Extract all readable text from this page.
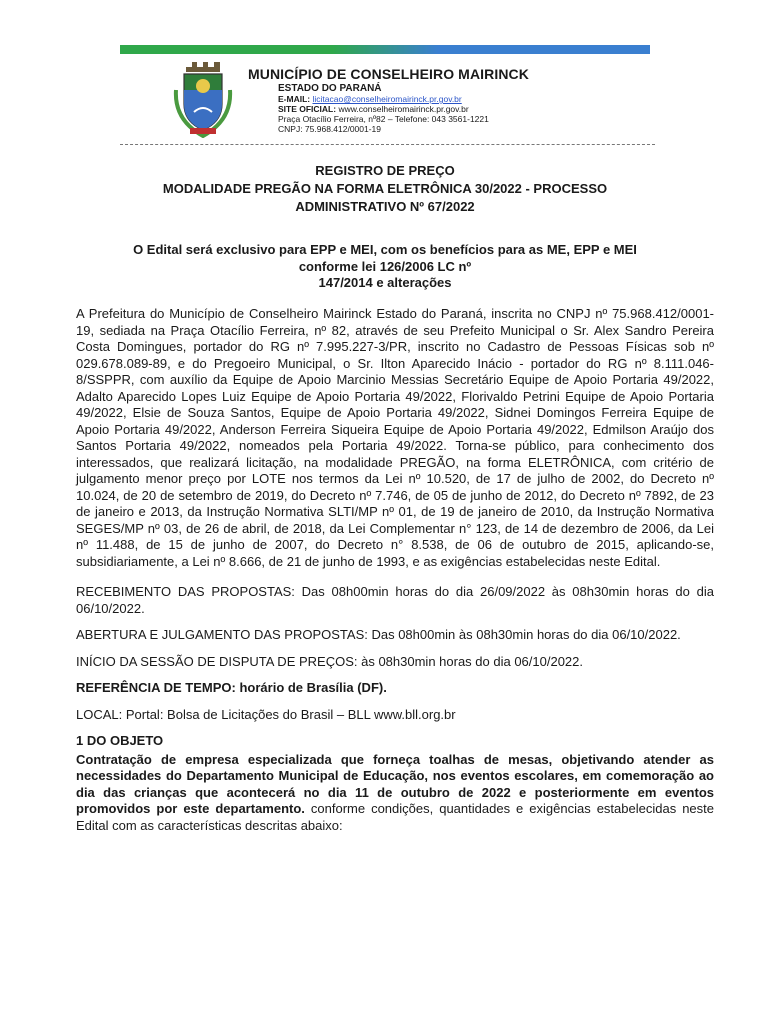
MUNICÍPIO DE CONSELHEIRO MAIRINCK
ESTADO DO PARANÁ
E-MAIL: licitacao@conselheiromairinck.pr.gov.br
SITE OFICIAL: www.conselheiromairinck.pr.gov.br
Praça Otacílio Ferreira, nº82 – Telefone: 043 3561-1221
CNPJ: 75.968.412/0001-19
REGISTRO DE PREÇO
MODALIDADE PREGÃO NA FORMA ELETRÔNICA 30/2022 - PROCESSO
ADMINISTRATIVO Nº 67/2022
O Edital será exclusivo para EPP e MEI, com os benefícios para as ME, EPP e MEI
conforme lei 126/2006 LC nº
147/2014 e alterações

A Prefeitura do Município de Conselheiro Mairinck Estado do Paraná, inscrita no CNPJ nº 75.968.412/0001-19, sediada na Praça Otacílio Ferreira, nº 82, através de seu Prefeito Municipal o Sr. Alex Sandro Pereira Costa Domingues, portador do RG nº 7.995.227-3/PR, inscrito no Cadastro de Pessoas Físicas sob nº 029.678.089-89, e do Pregoeiro Municipal, o Sr. Ilton Aparecido Inácio - portador do RG nº 8.111.046-8/SSPPR, com auxílio da Equipe de Apoio Marcinio Messias Secretário Equipe de Apoio Portaria 49/2022, Adalto Aparecido Lopes Luiz Equipe de Apoio Portaria 49/2022, Florivaldo Petrini Equipe de Apoio Portaria 49/2022, Elsie de Souza Santos, Equipe de Apoio Portaria 49/2022, Sidnei Domingos Ferreira Equipe de Apoio Portaria 49/2022, Anderson Ferreira Siqueira Equipe de Apoio Portaria 49/2022, Edmilson Araújo dos Santos Portaria 49/2022, nomeados pela Portaria 49/2022. Torna-se público, para conhecimento dos interessados, que realizará licitação, na modalidade PREGÃO, na forma ELETRÔNICA, com critério de julgamento menor preço por LOTE nos termos da Lei nº 10.520, de 17 de julho de 2002, do Decreto nº 10.024, de 20 de setembro de 2019, do Decreto nº 7.746, de 05 de junho de 2012, do Decreto nº 7892, de 23 de janeiro e 2013, da Instrução Normativa SLTI/MP nº 01, de 19 de janeiro de 2010, da Instrução Normativa SEGES/MP nº 03, de 26 de abril, de 2018, da Lei Complementar n° 123, de 14 de dezembro de 2006, da Lei nº 11.488, de 15 de junho de 2007, do Decreto n° 8.538, de 06 de outubro de 2015, aplicando-se, subsidiariamente, a Lei nº 8.666, de 21 de junho de 1993, e as exigências estabelecidas neste Edital.

RECEBIMENTO DAS PROPOSTAS: Das 08h00min horas do dia 26/09/2022 às 08h30min horas do dia 06/10/2022.

ABERTURA E JULGAMENTO DAS PROPOSTAS: Das 08h00min às 08h30min horas do dia 06/10/2022.

INÍCIO DA SESSÃO DE DISPUTA DE PREÇOS: às 08h30min horas do dia 06/10/2022.

REFERÊNCIA DE TEMPO: horário de Brasília (DF).

LOCAL: Portal: Bolsa de Licitações do Brasil – BLL www.bll.org.br

1 DO OBJETO

Contratação de empresa especializada que forneça toalhas de mesas, objetivando atender as necessidades do Departamento Municipal de Educação, nos eventos escolares, em comemoração ao dia das crianças que acontecerá no dia 11 de outubro de 2022 e posteriormente em eventos promovidos por este departamento. conforme condições, quantidades e exigências estabelecidas neste Edital com as características descritas abaixo:
